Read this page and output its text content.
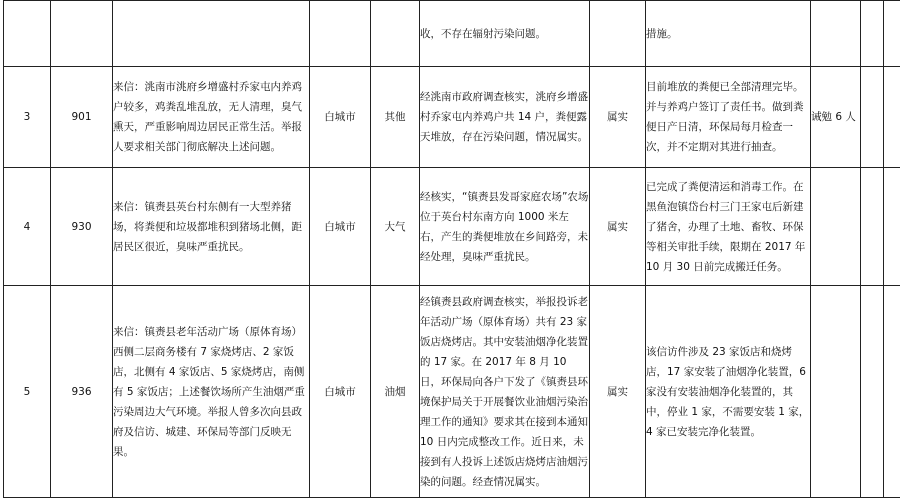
					收，不存在辐射污染问题。		措施。			

3	901	来信：洮南市洮府乡增盛村乔家屯内养鸡户较多，鸡粪乱堆乱放，无人清理，臭气熏天，严重影响周边居民正常生活。举报人要求相关部门彻底解决上述问题。	白城市	其他	经洮南市政府调查核实，洮府乡增盛村乔家屯内养鸡户共 14 户，粪便露天堆放，存在污染问题，情况属实。	属实	目前堆放的粪便已全部清理完毕。并与养鸡户签订了责任书。做到粪便日产日清，环保局每月检查一次，并不定期对其进行抽查。	诫勉 6 人		

4	930	来信：镇赉县英台村东侧有一大型养猪场，将粪便和垃圾都堆积到猪场北侧，距居民区很近，臭味严重扰民。	白城市	大气	经核实，“镇赉县发哥家庭农场”农场位于英台村东南方向 1000 米左右，产生的粪便堆放在乡间路旁，未经处理，臭味严重扰民。	属实	已完成了粪便清运和消毒工作。在黑鱼泡镇岱台村三门王家屯后新建了猪舍，办理了土地、畜牧、环保等相关审批手续，限期在 2017 年 10 月 30 日前完成搬迁任务。			

5	936	来信：镇赉县老年活动广场（原体育场）西侧二层商务楼有 7 家烧烤店、2 家饭店，北侧有 4 家饭店、5 家烧烤店，南侧有 5 家饭店；上述餐饮场所产生油烟严重污染周边大气环境。举报人曾多次向县政府及信访、城建、环保局等部门反映无果。	白城市	油烟	经镇赉县政府调查核实，举报投诉老年活动广场（原体育场）共有 23 家饭店烧烤店。其中安装油烟净化装置的 17 家。在 2017 年 8 月 10 日，环保局向各户下发了《镇赉县环境保护局关于开展餐饮业油烟污染治理工作的通知》要求其在接到本通知 10 日内完成整改工作。近日来，未接到有人投诉上述饭店烧烤店油烟污染的问题。经查情况属实。	属实	该信访件涉及 23 家饭店和烧烤店，17 家安装了油烟净化装置，6 家没有安装油烟净化装置的，其中，停业 1 家，不需要安装 1 家，4 家已安装完净化装置。			
